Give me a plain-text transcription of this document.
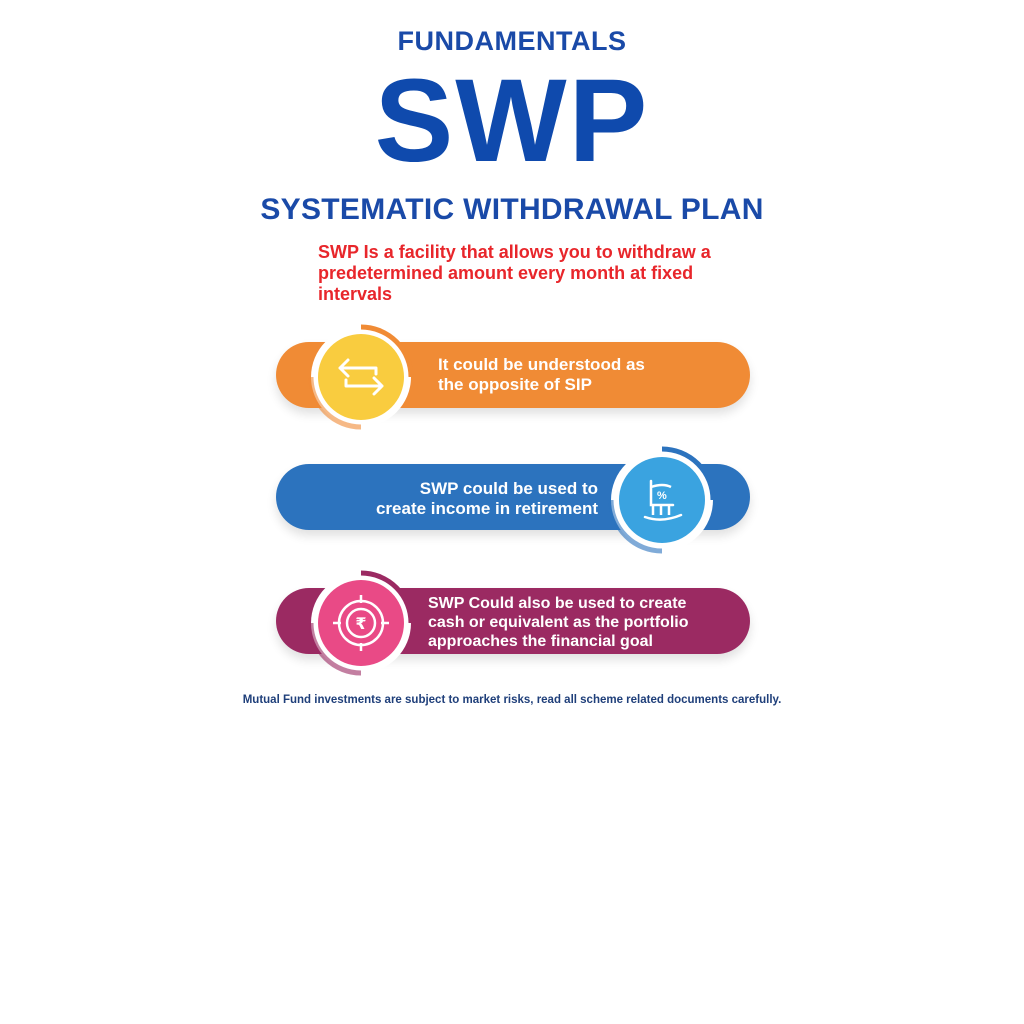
FUNDAMENTALS
SWP
SYSTEMATIC WITHDRAWAL PLAN
SWP Is a facility that allows you to withdraw a predetermined amount every month at fixed intervals
It could be understood as
the opposite of SIP
%
SWP could be used to
create income in retirement
₹
SWP Could also be used to create
cash or equivalent as the portfolio
approaches the financial goal
Mutual Fund investments are subject to market risks, read all scheme related documents carefully.
